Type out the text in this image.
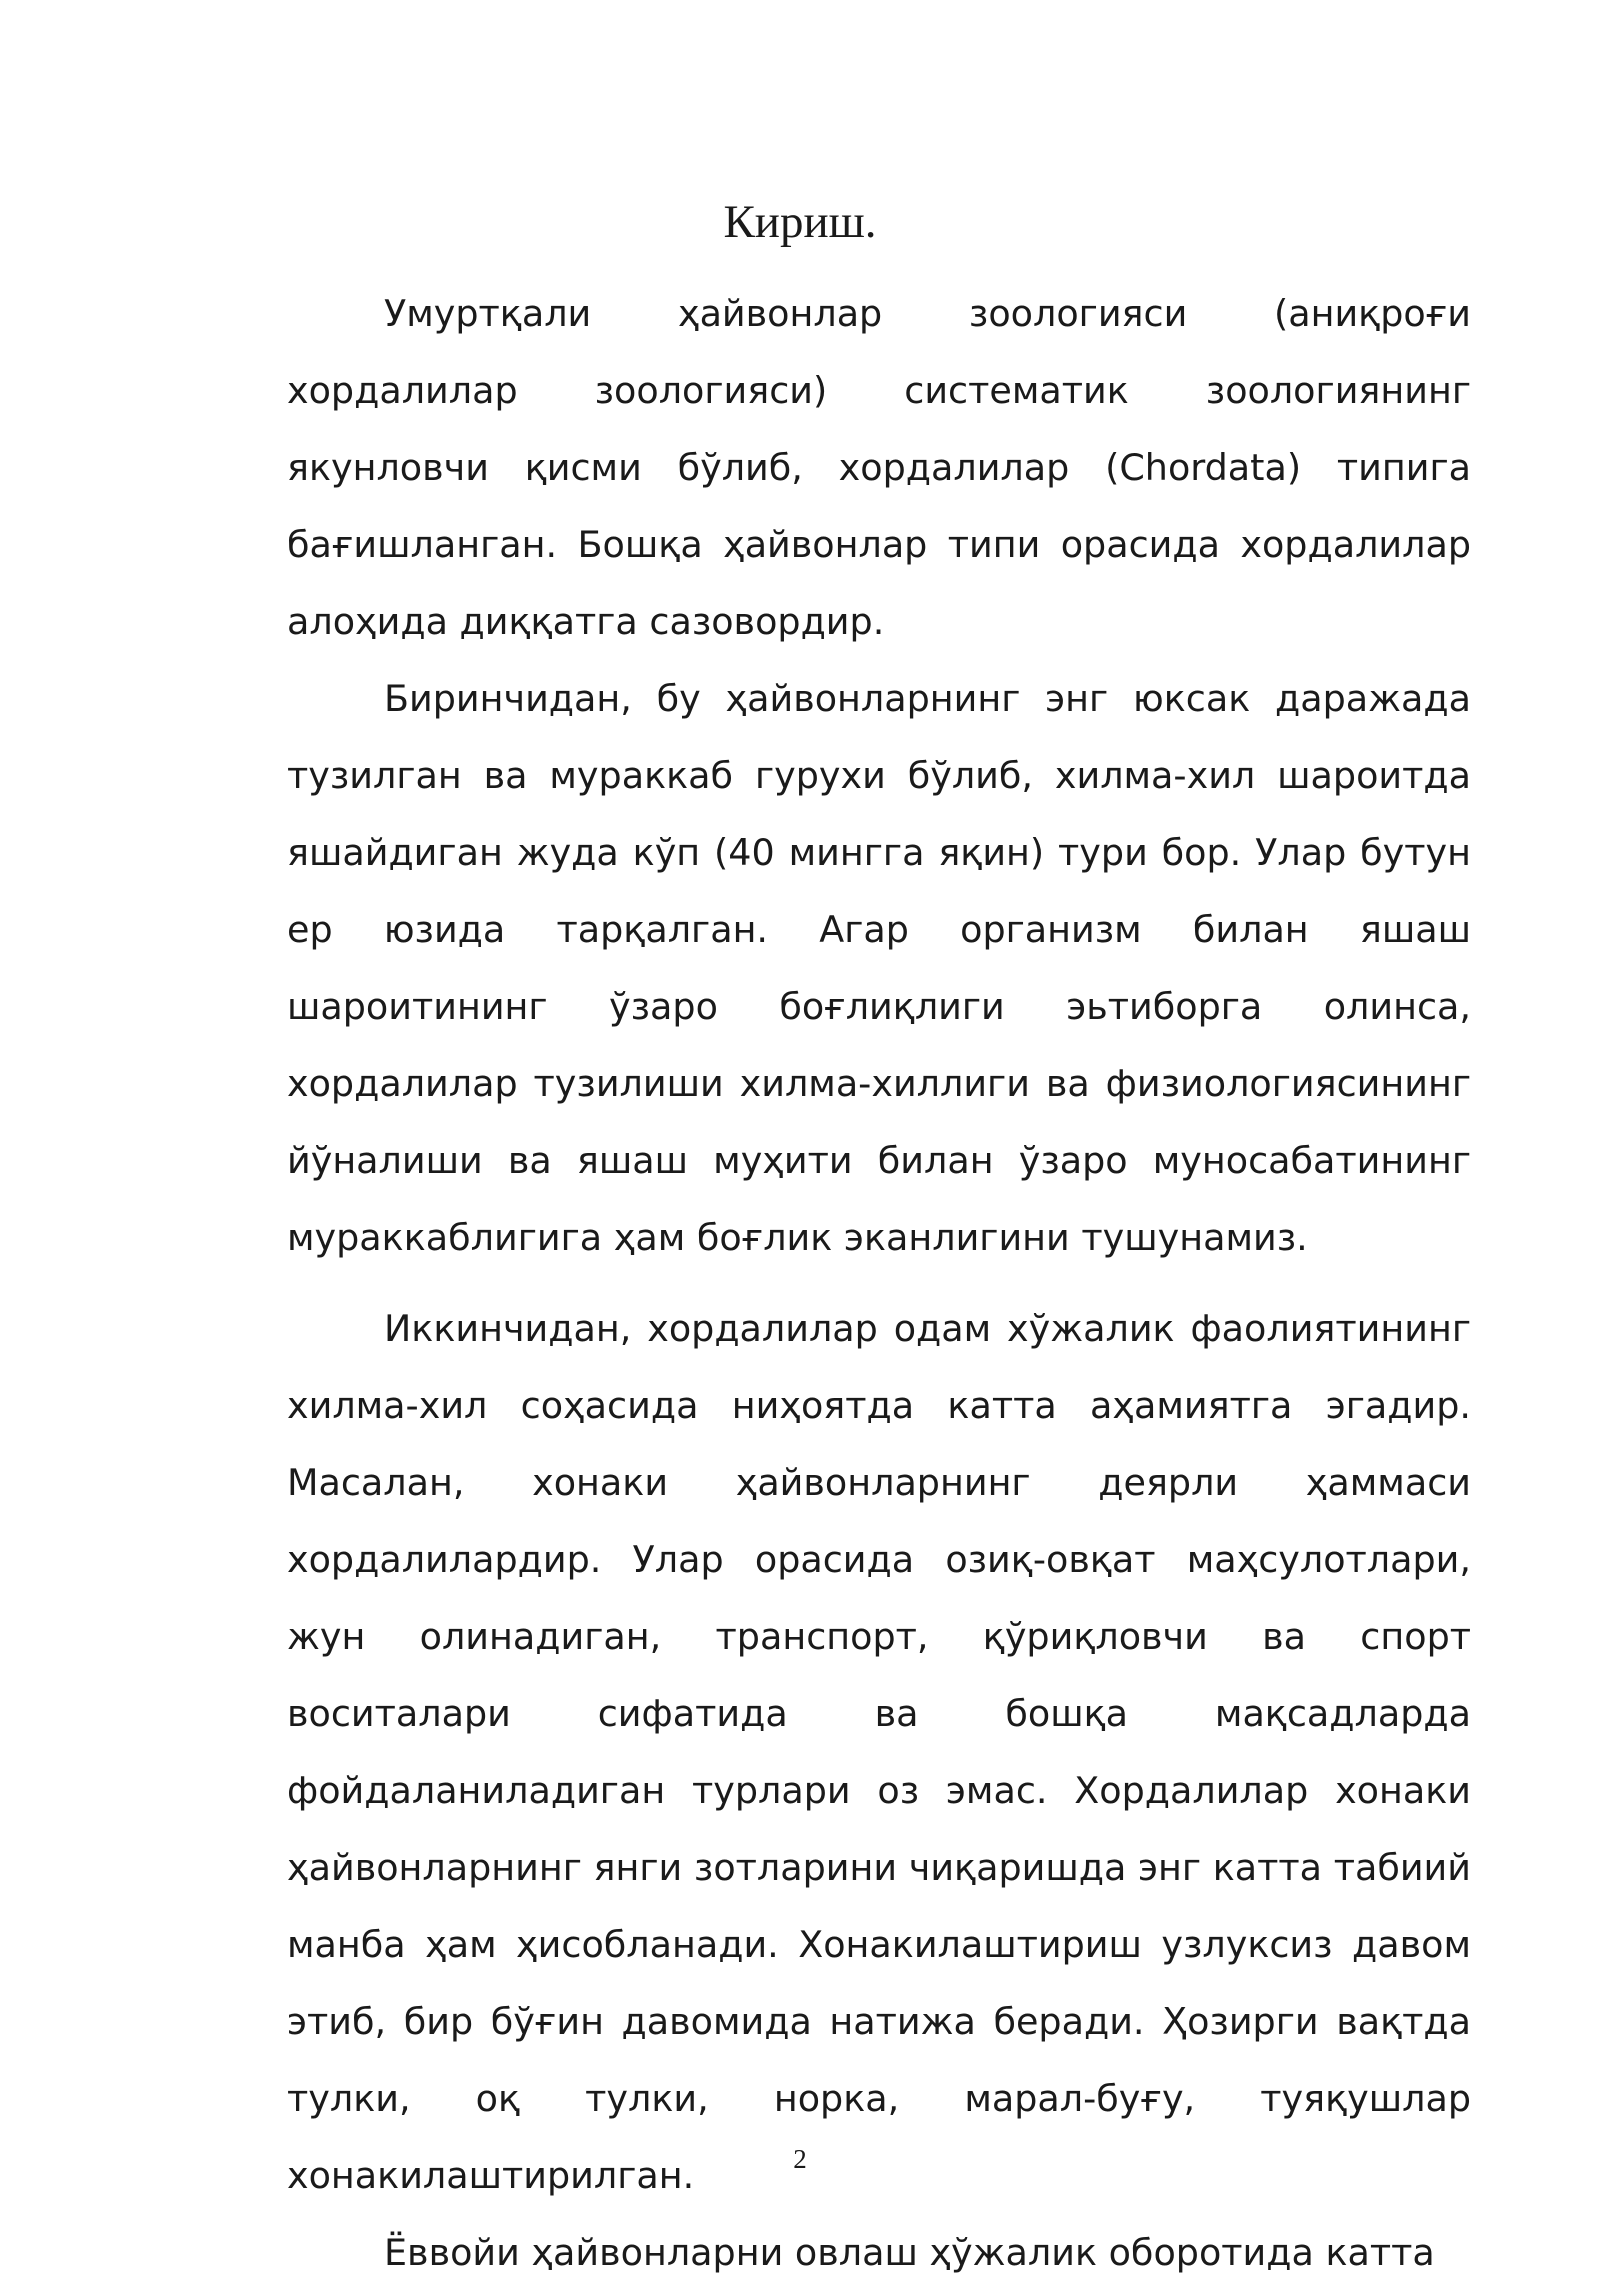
Кириш.

Умуртқали ҳайвонлар зоологияси (аниқроғи хордалилар зоологияси) систематик зоологиянинг якунловчи қисми бўлиб, хордалилар (Chordata) типига бағишланган. Бошқа ҳайвонлар типи орасида хордалилар алоҳида диққатга сазовордир.

Биринчидан, бу ҳайвонларнинг энг юксак даражада тузилган ва мураккаб гурухи бўлиб, хилма-хил шароитда яшайдиган жуда кўп (40 мингга яқин) тури бор. Улар бутун ер юзида тарқалган. Агар организм билан яшаш шароитининг ўзаро боғлиқлиги эьтиборга олинса, хордалилар тузилиши хилма-хиллиги ва физиологиясининг йўналиши ва яшаш муҳити билан ўзаро муносабатининг мураккаблигига ҳам боғлик эканлигини тушунамиз.

Иккинчидан, хордалилар одам хўжалик фаолиятининг хилма-хил соҳасида ниҳоятда катта аҳамиятга эгадир. Масалан, хонаки ҳайвонларнинг деярли ҳаммаси хордалилардир. Улар орасида озиқ-овқат маҳсулотлари, жун олинадиган, транспорт, қўриқловчи ва спорт воситалари сифатида ва бошқа мақсадларда фойдаланиладиган турлари оз эмас. Хордалилар хонаки ҳайвонларнинг янги зотларини чиқаришда энг катта табиий манба ҳам ҳисобланади. Хонакилаштириш узлуксиз давом этиб, бир бўғин давомида натижа беради. Ҳозирги вақтда тулки, оқ тулки, норка, марал-буғу, туяқушлар хонакилаштирилган.

Ёввойи ҳайвонларни овлаш ҳўжалик оборотида катта

2
